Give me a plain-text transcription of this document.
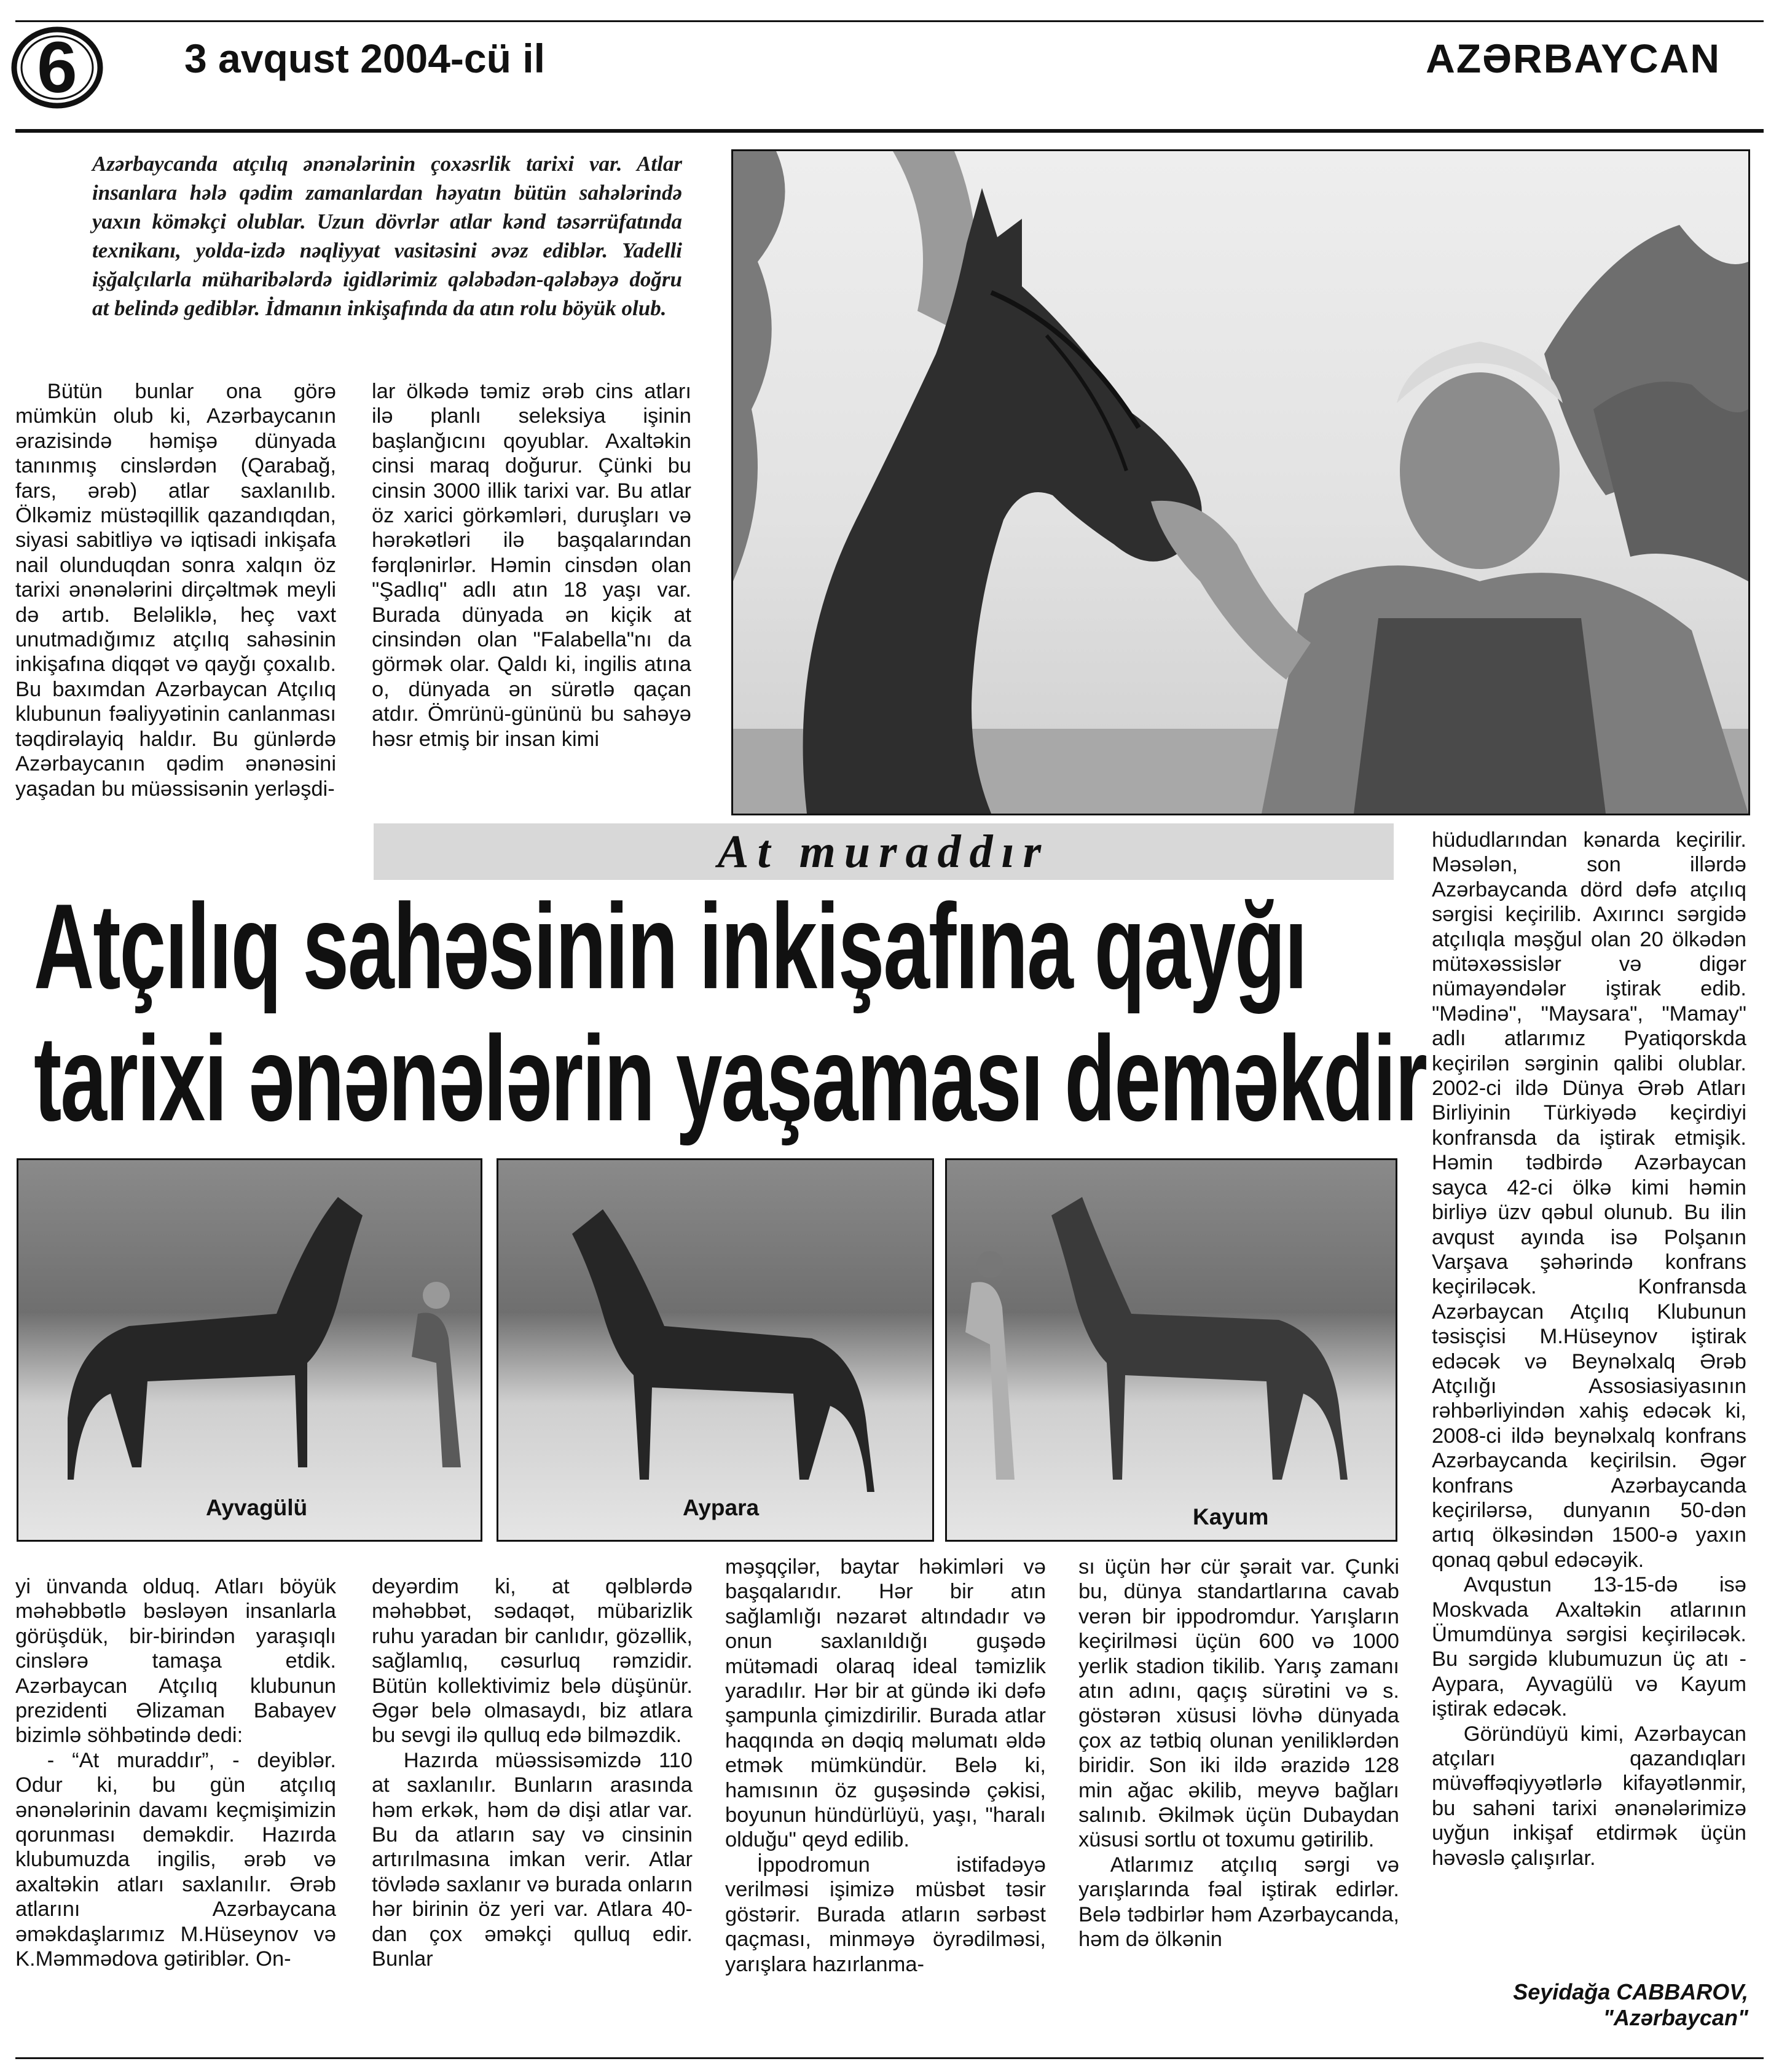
6	3 avqust 2004-cü il	AZƏRBAYCAN
Azərbaycanda atçılıq ənənələrinin çoxəsrlik tarixi var. Atlar insanlara hələ qədim zamanlardan həyatın bütün sahələrində yaxın köməkçi olublar. Uzun dövrlər atlar kənd təsərrüfatında texnikanı, yolda-izdə nəqliyyat vasitəsini əvəz ediblər. Yadelli işğalçılarla müharibələrdə igidlərimiz qələbədən-qələbəyə doğru at belində gediblər. İdmanın inkişafında da atın rolu böyük olub.

Bütün bunlar ona görə mümkün olub ki, Azərbaycanın ərazisində həmişə dünyada tanınmış cinslərdən (Qarabağ, fars, ərəb) atlar saxlanılıb. Ölkəmiz müstəqillik qazandıqdan, siyasi sabitliyə və iqtisadi inkişafa nail olunduqdan sonra xalqın öz tarixi ənənələrini dirçəltmək meyli də artıb. Beləliklə, heç vaxt unutmadığımız atçılıq sahəsinin inkişafına diqqət və qayğı çoxalıb. Bu baxımdan Azərbaycan Atçılıq klubunun fəaliyyətinin canlanması təqdirəlayiq haldır. Bu günlərdə Azərbaycanın qədim ənənəsini yaşadan bu müəssisənin yerləşdi-

lar ölkədə təmiz ərəb cins atları ilə planlı seleksiya işinin başlanğıcını qoyublar. Axaltəkin cinsi maraq doğurur. Çünki bu cinsin 3000 illik tarixi var. Bu atlar öz xarici görkəmləri, duruşları və hərəkətləri ilə başqalarından fərqlənirlər. Həmin cinsdən olan "Şadlıq" adlı atın 18 yaşı var. Burada dünyada ən kiçik at cinsindən olan "Falabella"nı da görmək olar. Qaldı ki, ingilis atına o, dünyada ən sürətlə qaçan atdır. Ömrünü-gününü bu sahəyə həsr etmiş bir insan kimi

At muraddır
Atçılıq sahəsinin inkişafına qayğı
tarixi ənənələrin yaşaması deməkdir
Ayvagülü	Aypara	Kayum

hüdudlarından kənarda keçirilir. Məsələn, son illərdə Azərbaycanda dörd dəfə atçılıq sərgisi keçirilib. Axırıncı sərgidə atçılıqla məşğul olan 20 ölkədən mütəxəssislər və digər nümayəndələr iştirak edib. "Mədinə", "Maysara", "Mamay" adlı atlarımız Pyatiqorskda keçirilən sərginin qalibi olublar. 2002-ci ildə Dünya Ərəb Atları Birliyinin Türkiyədə keçirdiyi konfransda da iştirak etmişik. Həmin tədbirdə Azərbaycan sayca 42-ci ölkə kimi həmin birliyə üzv qəbul olunub. Bu ilin avqust ayında isə Polşanın Varşava şəhərində konfrans keçiriləcək. Konfransda Azərbaycan Atçılıq Klubunun təsisçisi M.Hüseynov iştirak edəcək və Beynəlxalq Ərəb Atçılığı Assosiasiyasının rəhbərliyindən xahiş edəcək ki, 2008-ci ildə beynəlxalq konfrans Azərbaycanda keçirilsin. Əgər konfrans Azərbaycanda keçirilərsə, dunyanın 50-dən artıq ölkəsindən 1500-ə yaxın qonaq qəbul edəcəyik.

Avqustun 13-15-də isə Moskvada Axaltəkin atlarının Ümumdünya sərgisi keçiriləcək. Bu sərgidə klubumuzun üç atı - Aypara, Ayvagülü və Kayum iştirak edəcək.

Göründüyü kimi, Azərbaycan atçıları qazandıqları müvəffəqiyyətlərlə kifayətlənmir, bu sahəni tarixi ənənələrimizə uyğun inkişaf etdirmək üçün həvəslə çalışırlar.

Seyidağa CABBAROV,
"Azərbaycan"

yi ünvanda olduq. Atları böyük məhəbbətlə bəsləyən insanlarla görüşdük, bir-birindən yaraşıqlı cinslərə tamaşa etdik. Azərbaycan Atçılıq klubunun prezidenti Əlizaman Babayev bizimlə söhbətində dedi:

- “At muraddır”, - deyiblər. Odur ki, bu gün atçılıq ənənələrinin davamı keçmişimizin qorunması deməkdir. Hazırda klubumuzda ingilis, ərəb və axaltəkin atları saxlanılır. Ərəb atlarını Azərbaycana əməkdaşlarımız M.Hüseynov və K.Məmmədova gətiriblər. On-

deyərdim ki, at qəlblərdə məhəbbət, sədaqət, mübarizlik ruhu yaradan bir canlıdır, gözəllik, sağlamlıq, cəsurluq rəmzidir. Bütün kollektivimiz belə düşünür. Əgər belə olmasaydı, biz atlara bu sevgi ilə qulluq edə bilməzdik.

Hazırda müəssisəmizdə 110 at saxlanılır. Bunların arasında həm erkək, həm də dişi atlar var. Bu da atların say və cinsinin artırılmasına imkan verir. Atlar tövlədə saxlanır və burada onların hər birinin öz yeri var. Atlara 40-dan çox əməkçi qulluq edir. Bunlar

məşqçilər, baytar həkimləri və başqalarıdır. Hər bir atın sağlamlığı nəzarət altındadır və onun saxlanıldığı guşədə mütəmadi olaraq ideal təmizlik yaradılır. Hər bir at gündə iki dəfə şampunla çimizdirilir. Burada atlar haqqında ən dəqiq məlumatı əldə etmək mümkündür. Belə ki, hamısının öz guşəsində çəkisi, boyunun hündürlüyü, yaşı, "haralı olduğu" qeyd edilib.

İppodromun istifadəyə verilməsi işimizə müsbət təsir göstərir. Burada atların sərbəst qaçması, minməyə öyrədilməsi, yarışlara hazırlanma-

sı üçün hər cür şərait var. Çunki bu, dünya standartlarına cavab verən bir ippodromdur. Yarışların keçirilməsi üçün 600 və 1000 yerlik stadion tikilib. Yarış zamanı atın adını, qaçış sürətini və s. göstərən xüsusi lövhə dünyada çox az tətbiq olunan yeniliklərdən biridir. Son iki ildə ərazidə 128 min ağac əkilib, meyvə bağları salınıb. Əkilmək üçün Dubaydan xüsusi sortlu ot toxumu gətirilib.

Atlarımız atçılıq sərgi və yarışlarında fəal iştirak edirlər. Belə tədbirlər həm Azərbaycanda, həm də ölkənin
